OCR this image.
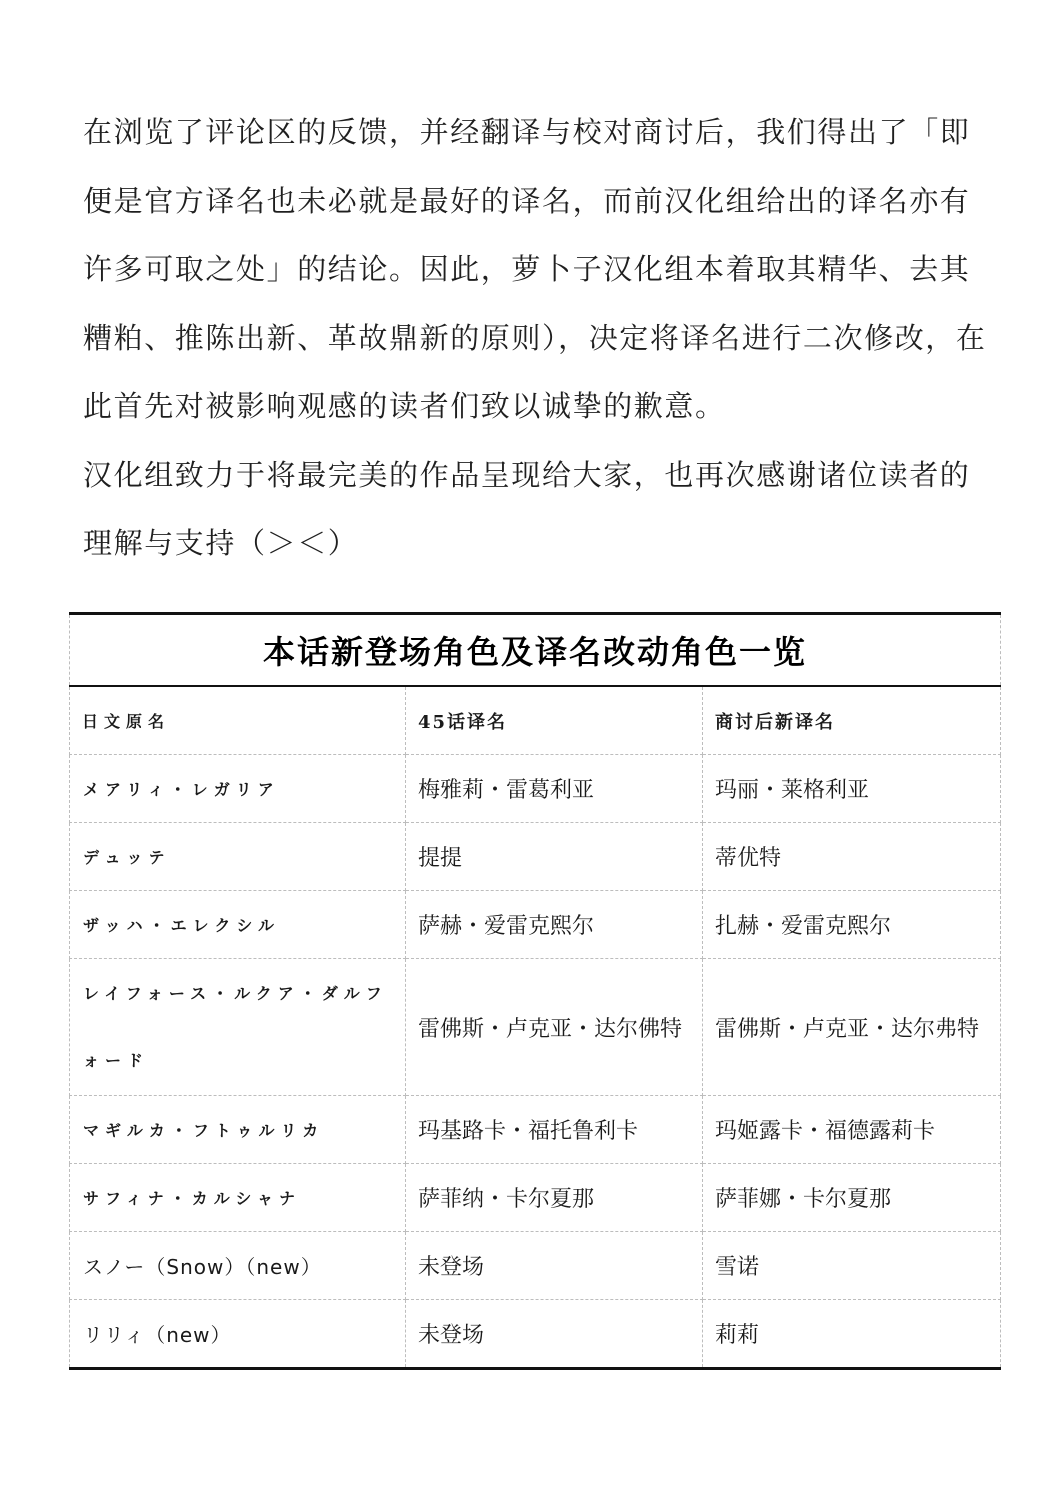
在浏览了评论区的反馈，并经翻译与校对商讨后，我们得出了「即便是官方译名也未必就是最好的译名，而前汉化组给出的译名亦有许多可取之处」的结论。因此，萝卜子汉化组本着取其精华、去其糟粕、推陈出新、革故鼎新的原则），决定将译名进行二次修改，在此首先对被影响观感的读者们致以诚挚的歉意。

汉化组致力于将最完美的作品呈现给大家，也再次感谢诸位读者的理解与支持（＞＜）

本话新登场角色及译名改动角色一览		
日文原名	45话译名	商讨后新译名
メアリィ・レガリア	梅雅莉・雷葛利亚	玛丽・莱格利亚
デュッテ	提提	蒂优特
ザッハ・エレクシル	萨赫・爱雷克熙尔	扎赫・爱雷克熙尔
レイフォース・ルクア・ダルフォード	雷佛斯・卢克亚・达尔佛特	雷佛斯・卢克亚・达尔弗特
マギルカ・フトゥルリカ	玛基路卡・福托鲁利卡	玛姬露卡・福德露莉卡
サフィナ・カルシャナ	萨菲纳・卡尔夏那	萨菲娜・卡尔夏那
スノー（Snow）（new）	未登场	雪诺
リリィ（new）	未登场	莉莉
